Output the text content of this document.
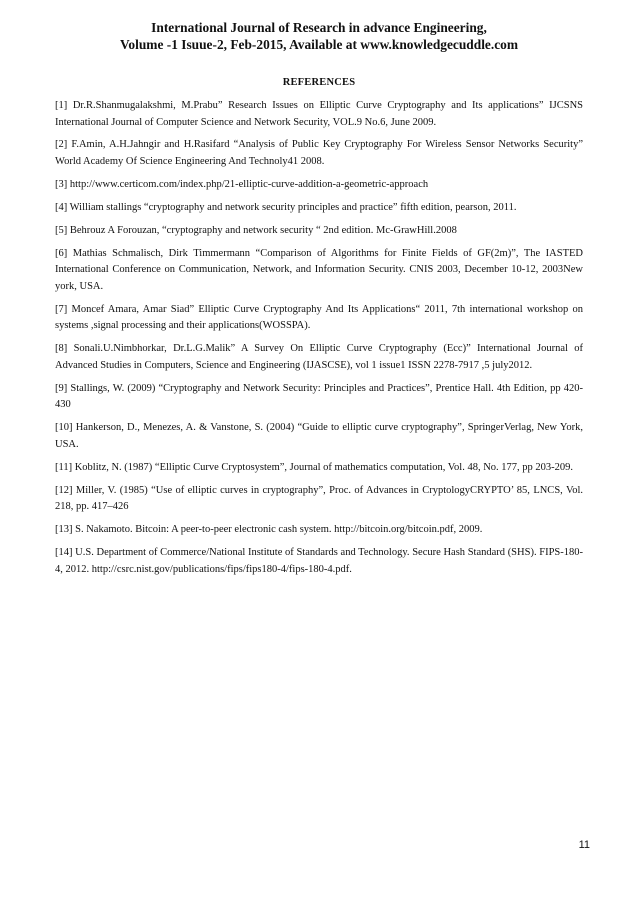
International Journal of Research in advance Engineering,
Volume -1 Isuue-2, Feb-2015, Available at www.knowledgecuddle.com
REFERENCES
[1] Dr.R.Shanmugalakshmi, M.Prabu” Research Issues on Elliptic Curve Cryptography and Its applications” IJCSNS International Journal of Computer Science and Network Security, VOL.9 No.6, June 2009.
[2] F.Amin, A.H.Jahngir and H.Rasifard “Analysis of Public Key Cryptography For Wireless Sensor Networks Security” World Academy Of Science Engineering And Technoly41 2008.
[3] http://www.certicom.com/index.php/21-elliptic-curve-addition-a-geometric-approach
[4] William stallings “cryptography and network security principles and practice” fifth edition, pearson, 2011.
[5] Behrouz A Forouzan, “cryptography and network security “ 2nd edition. Mc-GrawHill.2008
[6] Mathias Schmalisch, Dirk Timmermann “Comparison of Algorithms for Finite Fields of GF(2m)”, The IASTED International Conference on Communication, Network, and Information Security. CNIS 2003, December 10-12, 2003New york, USA.
[7] Moncef Amara, Amar Siad” Elliptic Curve Cryptography And Its Applications“ 2011, 7th international workshop on systems ,signal processing and their applications(WOSSPA).
[8] Sonali.U.Nimbhorkar, Dr.L.G.Malik” A Survey On Elliptic Curve Cryptography (Ecc)” International Journal of Advanced Studies in Computers, Science and Engineering (IJASCSE), vol 1 issue1 ISSN 2278-7917 ,5 july2012.
[9] Stallings, W. (2009) “Cryptography and Network Security: Principles and Practices”, Prentice Hall. 4th Edition, pp 420-430
[10] Hankerson, D., Menezes, A. & Vanstone, S. (2004) “Guide to elliptic curve cryptography”, SpringerVerlag, New York, USA.
[11] Koblitz, N. (1987) “Elliptic Curve Cryptosystem”, Journal of mathematics computation, Vol. 48, No. 177, pp 203-209.
[12] Miller, V. (1985) “Use of elliptic curves in cryptography”, Proc. of Advances in CryptologyCRYPTO’ 85, LNCS, Vol. 218, pp. 417–426
[13] S. Nakamoto. Bitcoin: A peer-to-peer electronic cash system. http://bitcoin.org/bitcoin.pdf, 2009.
[14] U.S. Department of Commerce/National Institute of Standards and Technology. Secure Hash Standard (SHS). FIPS-180-4, 2012. http://csrc.nist.gov/publications/fips/fips180-4/fips-180-4.pdf.
11
